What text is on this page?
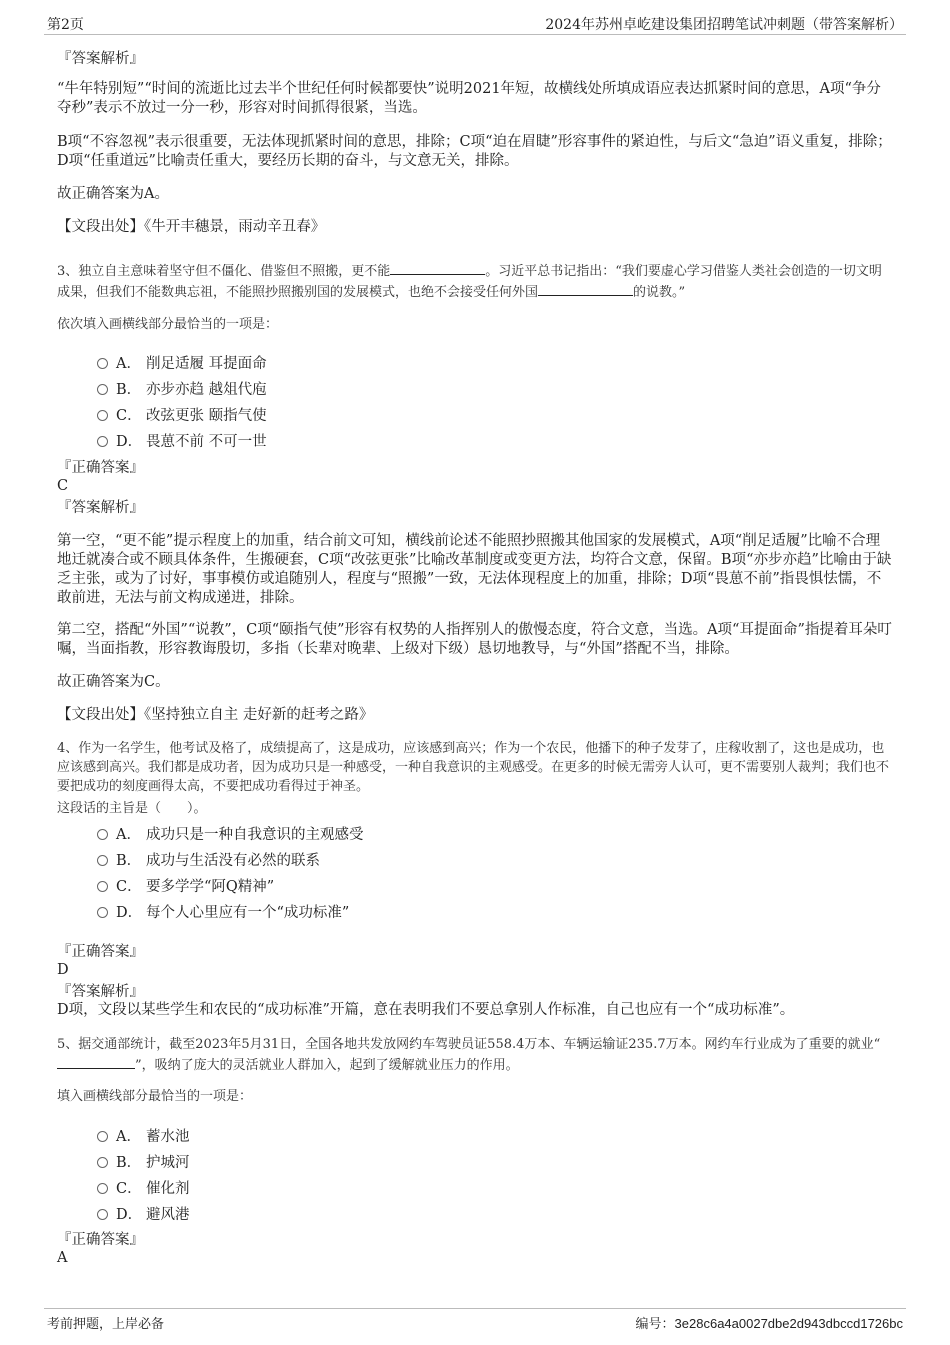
第2页	2024年苏州卓屹建设集团招聘笔试冲刺题（带答案解析）
『答案解析』
“牛年特别短”“时间的流逝比过去半个世纪任何时候都要快”说明2021年短，故横线处所填成语应表达抓紧时间的意思，A项“争分夺秒”表示不放过一分一秒，形容对时间抓得很紧，当选。
B项“不容忽视”表示很重要，无法体现抓紧时间的意思，排除；C项“迫在眉睫”形容事件的紧迫性，与后文“急迫”语义重复，排除；D项“任重道远”比喻责任重大，要经历长期的奋斗，与文意无关，排除。
故正确答案为A。
【文段出处】《牛开丰穗景，雨动辛丑春》
3、独立自主意味着坚守但不僵化、借鉴但不照搬，更不能	。习近平总书记指出：“我们要虚心学习借鉴人类社会创造的一切文明成果，但我们不能数典忘祖，不能照抄照搬别国的发展模式，也绝不会接受任何外国	的说教。”
依次填入画横线部分最恰当的一项是：
A． 削足适履 耳提面命
B． 亦步亦趋 越俎代庖
C． 改弦更张 颐指气使
D． 畏葸不前 不可一世
『正确答案』
C
『答案解析』
第一空，“更不能”提示程度上的加重，结合前文可知，横线前论述不能照抄照搬其他国家的发展模式，A项“削足适履”比喻不合理地迁就凑合或不顾具体条件，生搬硬套，C项“改弦更张”比喻改革制度或变更方法，均符合文意，保留。B项“亦步亦趋”比喻由于缺乏主张，或为了讨好，事事模仿或追随别人，程度与“照搬”一致，无法体现程度上的加重，排除；D项“畏葸不前”指畏惧怯懦，不敢前进，无法与前文构成递进，排除。
第二空，搭配“外国”“说教”，C项“颐指气使”形容有权势的人指挥别人的傲慢态度，符合文意，当选。A项“耳提面命”指提着耳朵叮嘱，当面指教，形容教诲殷切，多指（长辈对晚辈、上级对下级）恳切地教导，与“外国”搭配不当，排除。
故正确答案为C。
【文段出处】《坚持独立自主 走好新的赶考之路》
4、作为一名学生，他考试及格了，成绩提高了，这是成功，应该感到高兴；作为一个农民，他播下的种子发芽了，庄稼收割了，这也是成功，也应该感到高兴。我们都是成功者，因为成功只是一种感受，一种自我意识的主观感受。在更多的时候无需旁人认可，更不需要别人裁判；我们也不要把成功的刻度画得太高，不要把成功看得过于神圣。
这段话的主旨是（　　）。
A． 成功只是一种自我意识的主观感受
B． 成功与生活没有必然的联系
C． 要多学学“阿Q精神”
D． 每个人心里应有一个“成功标准”
『正确答案』
D
『答案解析』
D项，文段以某些学生和农民的“成功标准”开篇，意在表明我们不要总拿别人作标准，自己也应有一个“成功标准”。
5、据交通部统计，截至2023年5月31日，全国各地共发放网约车驾驶员证558.4万本、车辆运输证235.7万本。网约车行业成为了重要的就业“”，吸纳了庞大的灵活就业人群加入，起到了缓解就业压力的作用。
填入画横线部分最恰当的一项是：
A． 蓄水池
B． 护城河
C． 催化剂
D． 避风港
『正确答案』
A
考前押题，上岸必备	编号：3e28c6a4a0027dbe2d943dbccd1726bc
